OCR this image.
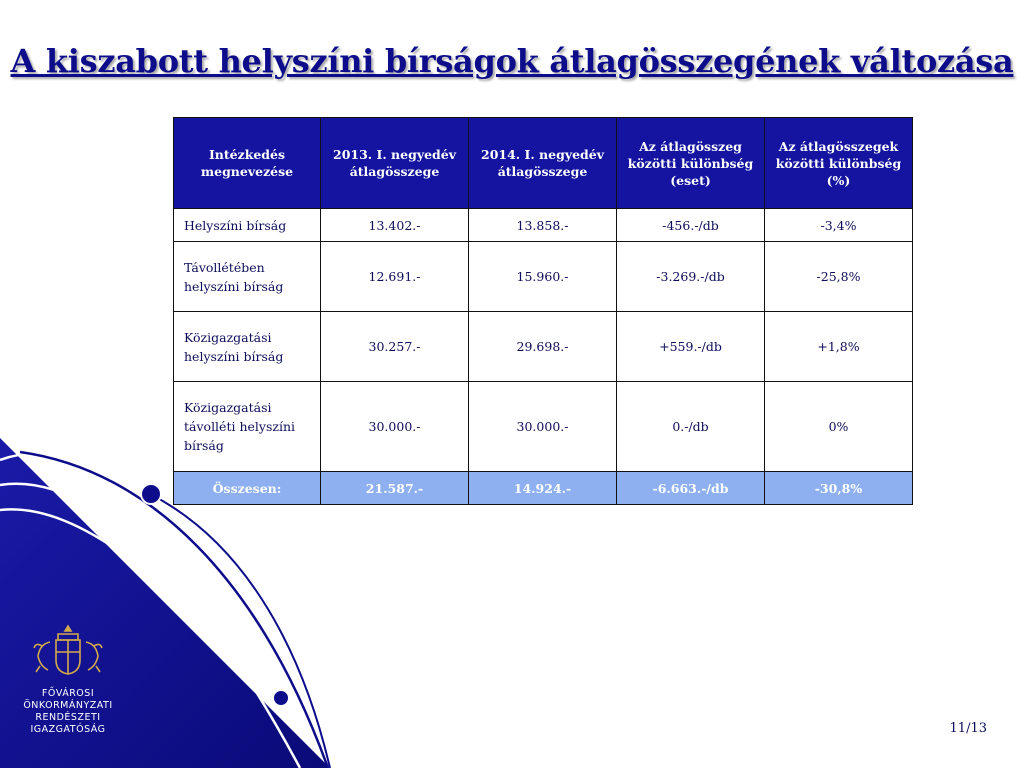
A kiszabott helyszíni bírságok átlagösszegének változása
Intézkedés megnevezése	2013. I. negyedév átlagösszege	2014. I. negyedév átlagösszege	Az átlagösszeg közötti különbség (eset)	Az átlagösszegek közötti különbség (%)
Helyszíni bírság	13.402.-	13.858.-	-456.-/db	-3,4%
Távollétében helyszíni bírság	12.691.-	15.960.-	-3.269.-/db	-25,8%
Közigazgatási helyszíni bírság	30.257.-	29.698.-	+559.-/db	+1,8%
Közigazgatási távolléti helyszíni bírság	30.000.-	30.000.-	0.-/db	0%
Összesen:	21.587.-	14.924.-	-6.663.-/db	-30,8%
FŐVÁROSI
ÖNKORMÁNYZATI
RENDÉSZETI
IGAZGATÓSÁG	11/13
